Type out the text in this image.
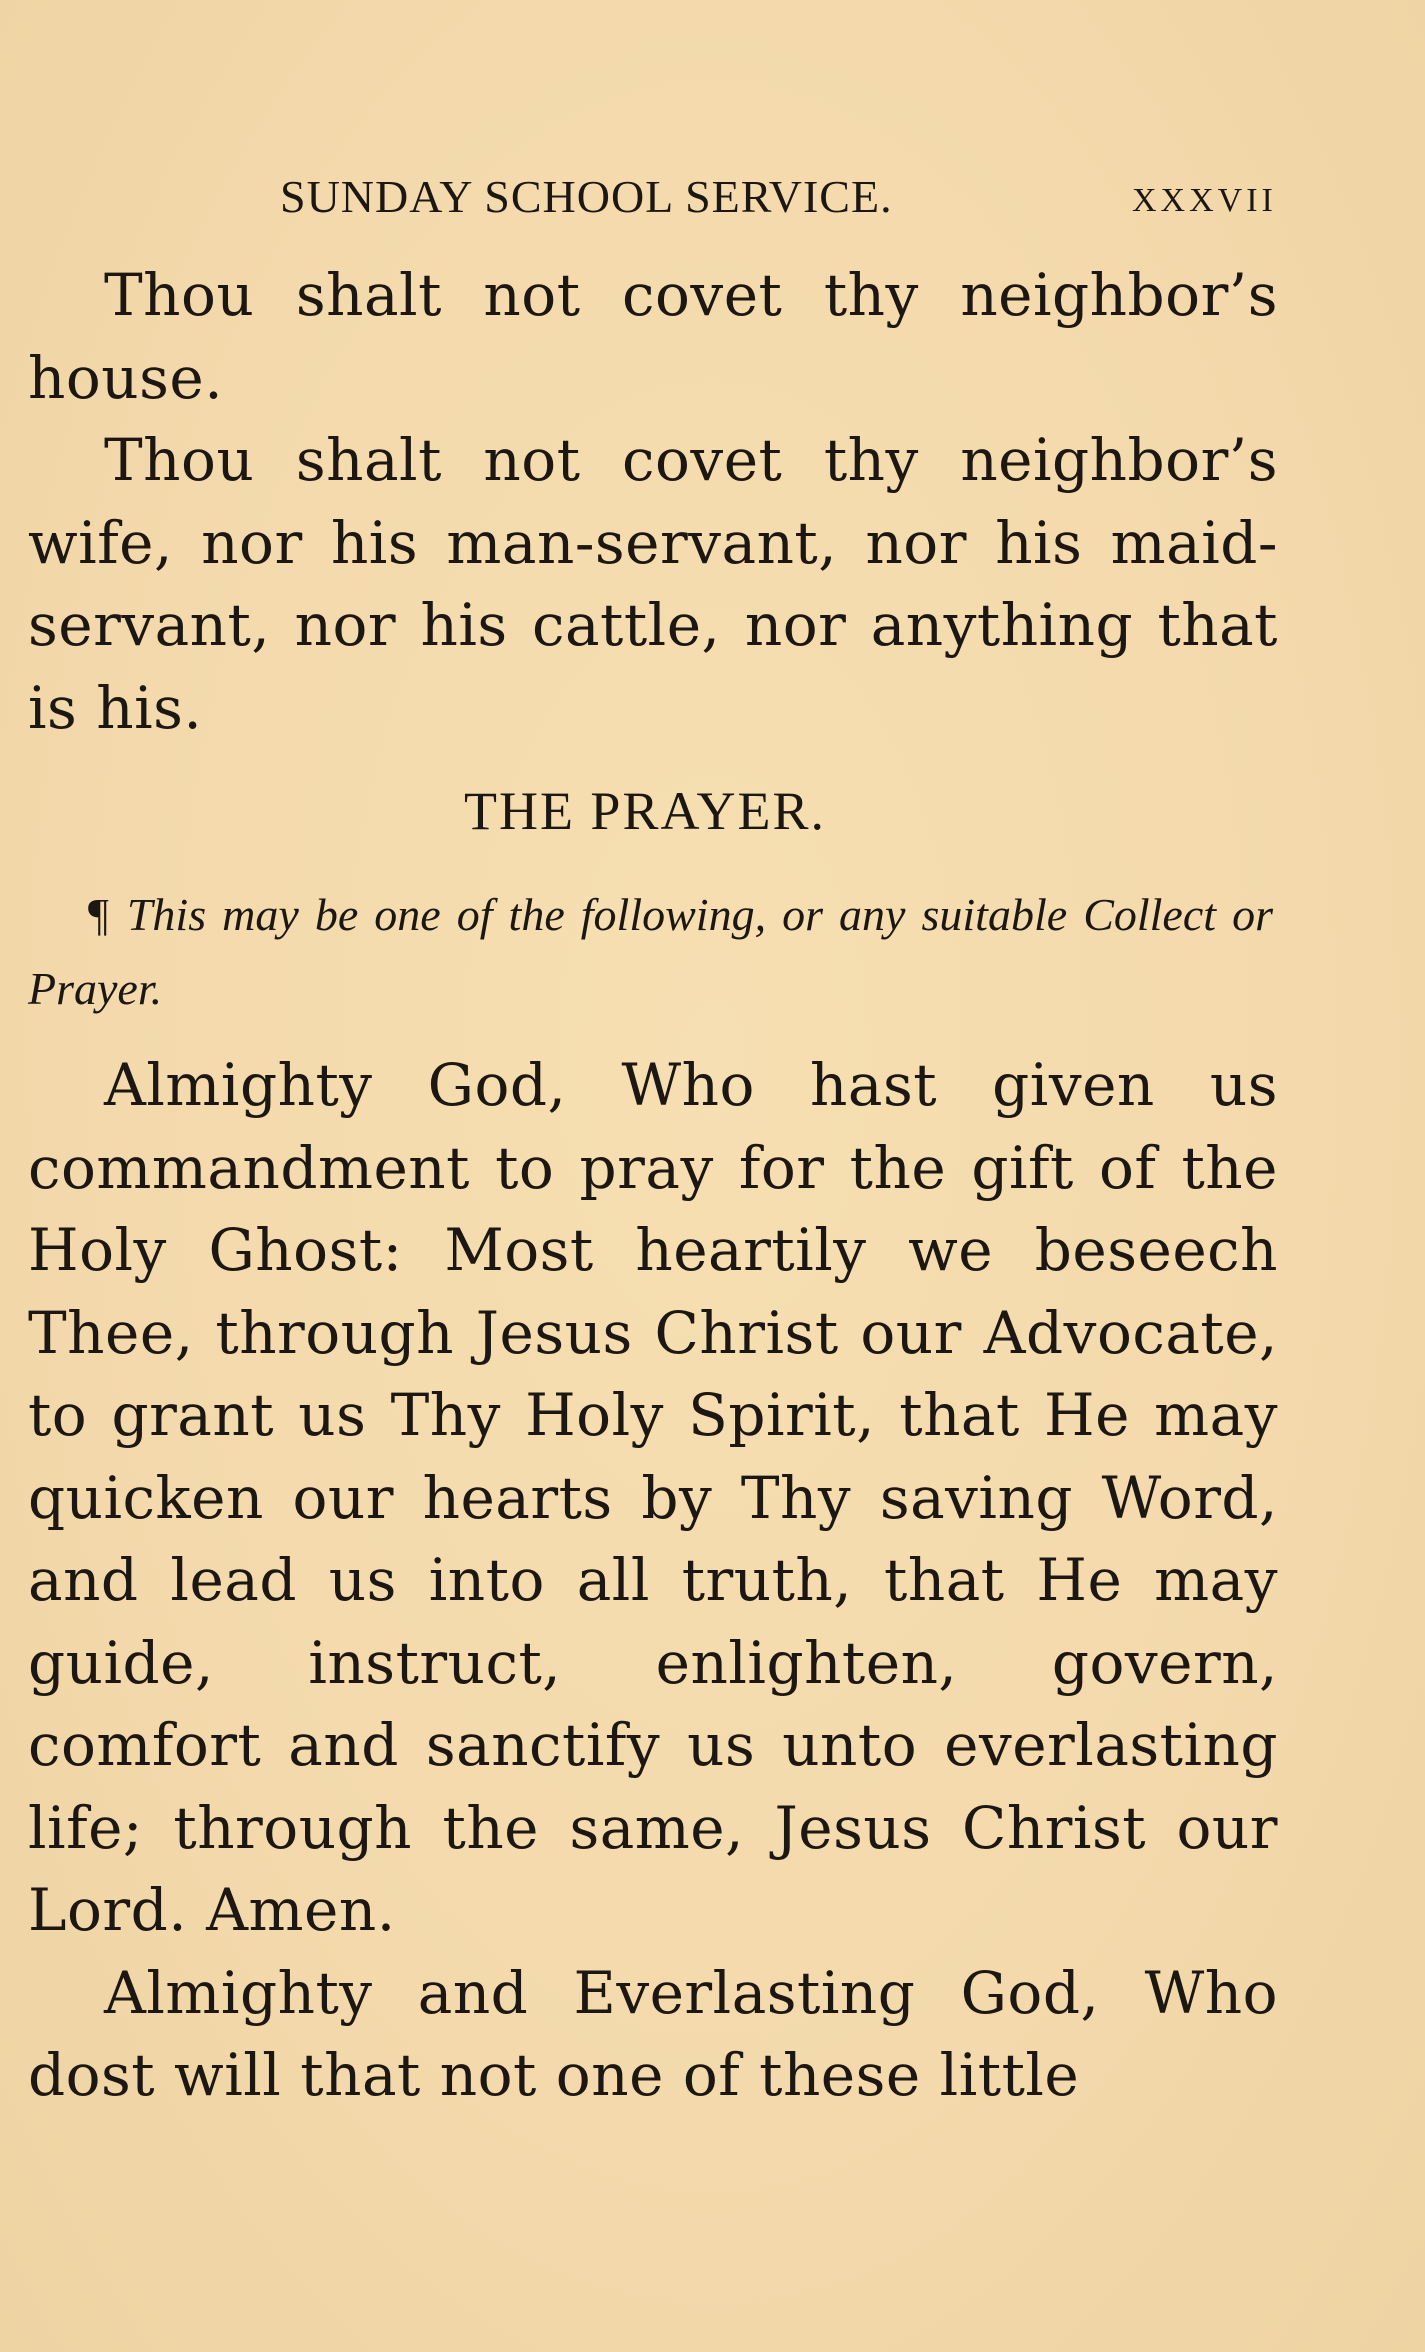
SUNDAY SCHOOL SERVICE.	XXXVII

Thou shalt not covet thy neighbor’s house.

Thou shalt not covet thy neighbor’s wife, nor his man-servant, nor his maid-servant, nor his cattle, nor anything that is his.

THE PRAYER.
¶ This may be one of the following, or any suitable Collect or Prayer.

Almighty God, Who hast given us commandment to pray for the gift of the Holy Ghost: Most heartily we beseech Thee, through Jesus Christ our Advocate, to grant us Thy Holy Spirit, that He may quicken our hearts by Thy saving Word, and lead us into all truth, that He may guide, instruct, enlighten, govern, comfort and sanctify us unto everlasting life; through the same, Jesus Christ our Lord. Amen.

Almighty and Everlasting God, Who dost will that not one of these little
